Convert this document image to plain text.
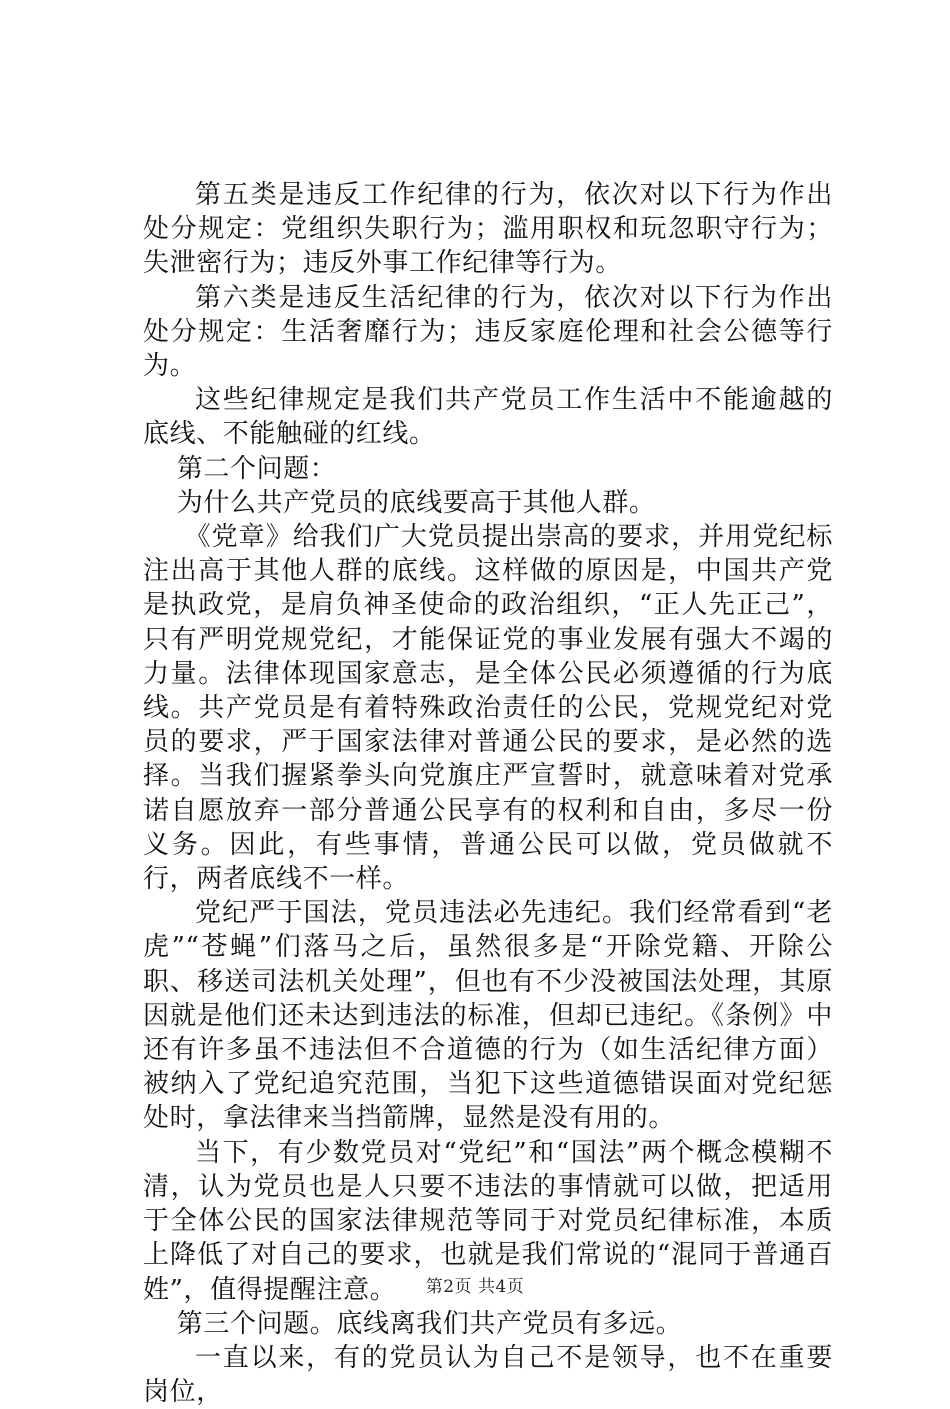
第五类是违反工作纪律的行为，依次对以下行为作出处分规定：党组织失职行为；滥用职权和玩忽职守行为；失泄密行为；违反外事工作纪律等行为。

第六类是违反生活纪律的行为，依次对以下行为作出处分规定：生活奢靡行为；违反家庭伦理和社会公德等行为。

这些纪律规定是我们共产党员工作生活中不能逾越的底线、不能触碰的红线。

第二个问题：

为什么共产党员的底线要高于其他人群。

《党章》给我们广大党员提出崇高的要求，并用党纪标注出高于其他人群的底线。这样做的原因是，中国共产党是执政党，是肩负神圣使命的政治组织，“正人先正己”，只有严明党规党纪，才能保证党的事业发展有强大不竭的力量。法律体现国家意志，是全体公民必须遵循的行为底线。共产党员是有着特殊政治责任的公民，党规党纪对党员的要求，严于国家法律对普通公民的要求，是必然的选择。当我们握紧拳头向党旗庄严宣誓时，就意味着对党承诺自愿放弃一部分普通公民享有的权利和自由，多尽一份义务。因此，有些事情，普通公民可以做，党员做就不行，两者底线不一样。

党纪严于国法，党员违法必先违纪。我们经常看到“老虎”“苍蝇”们落马之后，虽然很多是“开除党籍、开除公职、移送司法机关处理”，但也有不少没被国法处理，其原因就是他们还未达到违法的标准，但却已违纪。《条例》中还有许多虽不违法但不合道德的行为（如生活纪律方面）被纳入了党纪追究范围，当犯下这些道德错误面对党纪惩处时，拿法律来当挡箭牌，显然是没有用的。

当下，有少数党员对“党纪”和“国法”两个概念模糊不清，认为党员也是人只要不违法的事情就可以做，把适用于全体公民的国家法律规范等同于对党员纪律标准，本质上降低了对自己的要求，也就是我们常说的“混同于普通百姓”，值得提醒注意。

第三个问题。底线离我们共产党员有多远。

一直以来，有的党员认为自己不是领导，也不在重要岗位，

第2页 共4页
